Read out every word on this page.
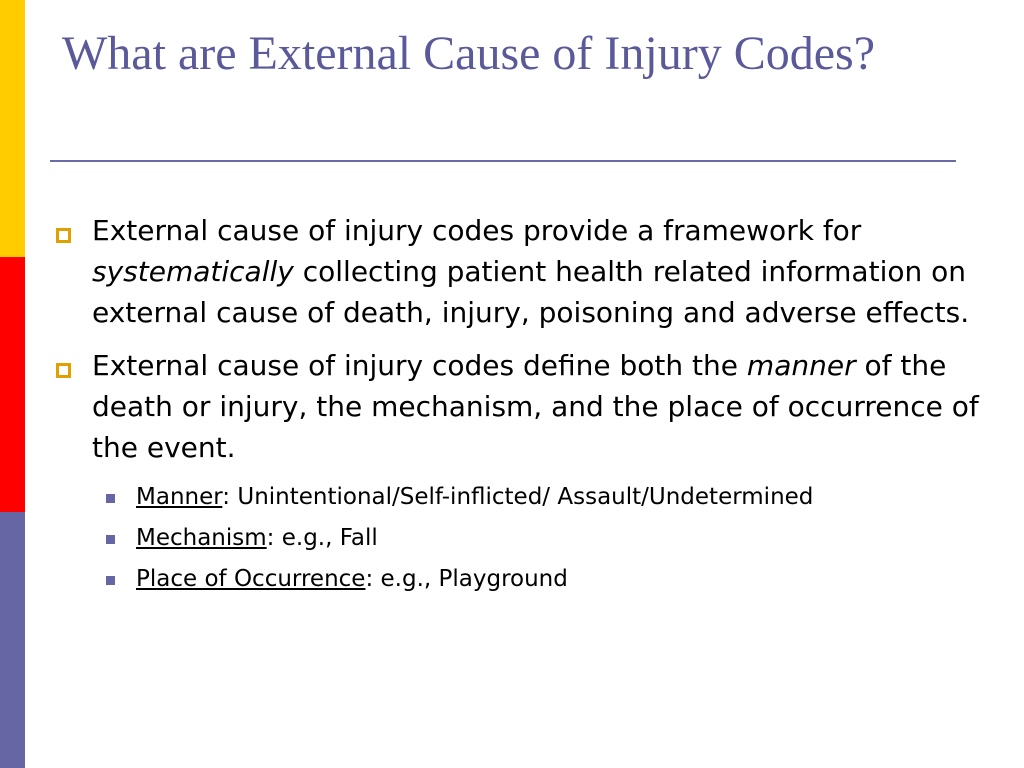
What are External Cause of Injury Codes?
External cause of injury codes provide a framework for systematically collecting patient health related information on external cause of death, injury, poisoning and adverse effects.
External cause of injury codes define both the manner of the death or injury, the mechanism, and the place of occurrence of the event.
Manner: Unintentional/Self-inflicted/ Assault/Undetermined
Mechanism: e.g., Fall
Place of Occurrence: e.g., Playground
